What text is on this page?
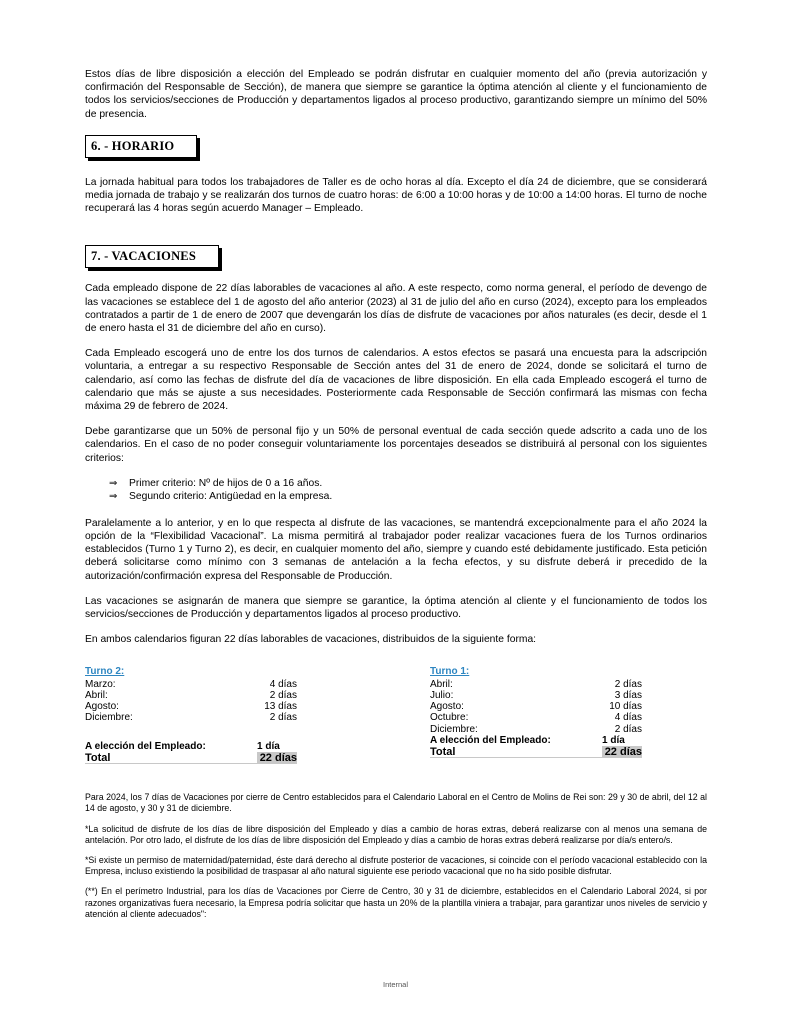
Estos días de libre disposición a elección del Empleado se podrán disfrutar en cualquier momento del año (previa autorización y confirmación del Responsable de Sección), de manera que siempre se garantice la óptima atención al cliente y el funcionamiento de todos los servicios/secciones de Producción y departamentos ligados al proceso productivo, garantizando siempre un mínimo del 50% de presencia.

6. - HORARIO

La jornada habitual para todos los trabajadores de Taller es de ocho horas al día. Excepto el día 24 de diciembre, que se considerará media jornada de trabajo y se realizarán dos turnos de cuatro horas: de 6:00 a 10:00 horas y de 10:00 a 14:00 horas. El turno de noche recuperará las 4 horas según acuerdo Manager – Empleado.

7. - VACACIONES

Cada empleado dispone de 22 días laborables de vacaciones al año. A este respecto, como norma general, el período de devengo de las vacaciones se establece del 1 de agosto del año anterior (2023) al 31 de julio del año en curso (2024), excepto para los empleados contratados a partir de 1 de enero de 2007 que devengarán los días de disfrute de vacaciones por años naturales (es decir, desde el 1 de enero hasta el 31 de diciembre del año en curso).

Cada Empleado escogerá uno de entre los dos turnos de calendarios. A estos efectos se pasará una encuesta para la adscripción voluntaria, a entregar a su respectivo Responsable de Sección antes del 31 de enero de 2024, donde se solicitará el turno de calendario, así como las fechas de disfrute del día de vacaciones de libre disposición. En ella cada Empleado escogerá el turno de calendario que más se ajuste a sus necesidades. Posteriormente cada Responsable de Sección confirmará las mismas con fecha máxima 29 de febrero de 2024.

Debe garantizarse que un 50% de personal fijo y un 50% de personal eventual de cada sección quede adscrito a cada uno de los calendarios. En el caso de no poder conseguir voluntariamente los porcentajes deseados se distribuirá al personal con los siguientes criterios:

⇒	Primer criterio: Nº de hijos de 0 a 16 años.
⇒	Segundo criterio: Antigüedad en la empresa.

Paralelamente a lo anterior, y en lo que respecta al disfrute de las vacaciones, se mantendrá excepcionalmente para el año 2024 la opción de la “Flexibilidad Vacacional”. La misma permitirá al trabajador poder realizar vacaciones fuera de los Turnos ordinarios establecidos (Turno 1 y Turno 2), es decir, en cualquier momento del año, siempre y cuando esté debidamente justificado. Esta petición deberá solicitarse como mínimo con 3 semanas de antelación a la fecha efectos, y su disfrute deberá ir precedido de la autorización/confirmación expresa del Responsable de Producción.

Las vacaciones se asignarán de manera que siempre se garantice, la óptima atención al cliente y el funcionamiento de todos los servicios/secciones de Producción y departamentos ligados al proceso productivo.

En ambos calendarios figuran 22 días laborables de vacaciones, distribuidos de la siguiente forma:

Turno 2:
Marzo:	4 días
Abril:	2 días
Agosto:	13 días
Diciembre:	2 días
A elección del Empleado:	1 día
Total	22 días
Turno 1:
Abril:	2 días
Julio:	3 días
Agosto:	10 días
Octubre:	4 días
Diciembre:	2 días
A elección del Empleado:	1 día
Total	22 días

Para 2024, los 7 días de Vacaciones por cierre de Centro establecidos para el Calendario Laboral en el Centro de Molins de Rei son: 29 y 30 de abril, del 12 al 14 de agosto, y 30 y 31 de diciembre.

*La solicitud de disfrute de los días de libre disposición del Empleado y días a cambio de horas extras, deberá realizarse con al menos una semana de antelación. Por otro lado, el disfrute de los días de libre disposición del Empleado y días a cambio de horas extras deberá realizarse por día/s entero/s.

*Si existe un permiso de maternidad/paternidad, éste dará derecho al disfrute posterior de vacaciones, si coincide con el período vacacional establecido con la Empresa, incluso existiendo la posibilidad de traspasar al año natural siguiente ese periodo vacacional que no ha sido posible disfrutar.

(**) En el perímetro Industrial, para los días de Vacaciones por Cierre de Centro, 30 y 31 de diciembre, establecidos en el Calendario Laboral 2024, si por razones organizativas fuera necesario, la Empresa podría solicitar que hasta un 20% de la plantilla viniera a trabajar, para garantizar unos niveles de servicio y atención al cliente adecuados":

Internal
